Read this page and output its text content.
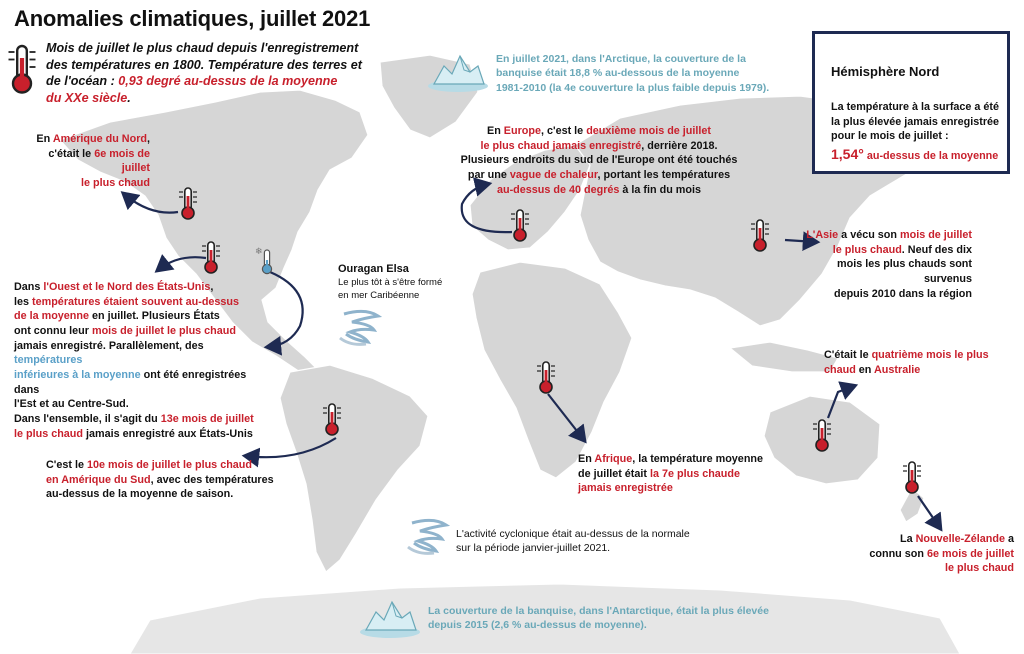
❄
Anomalies climatiques, juillet 2021
Mois de juillet le plus chaud depuis l'enregistrement
des températures en 1800. Température des terres et
de l'océan : 0,93 degré au-dessus de la moyenne
du XXe siècle.
En juillet 2021, dans l'Arctique, la couverture de la
banquise était 18,8 % au-dessous de la moyenne
1981-2010 (la 4e couverture la plus faible depuis 1979).
Hémisphère Nord
La température à la surface a été
la plus élevée jamais enregistrée
pour le mois de juillet :
1,54° au-dessus de la moyenne
En Amérique du Nord,
c'était le 6e mois de juillet
le plus chaud
Dans l'Ouest et le Nord des États-Unis,
les températures étaient souvent au-dessus
de la moyenne en juillet. Plusieurs États
ont connu leur mois de juillet le plus chaud
jamais enregistré. Parallèlement, des températures
inférieures à la moyenne ont été enregistrées dans
l'Est et au Centre-Sud.
Dans l'ensemble, il s'agit du 13e mois de juillet
le plus chaud jamais enregistré aux États-Unis
Ouragan Elsa
Le plus tôt à s'être formé
en mer Caribéenne
En Europe, c'est le deuxième mois de juillet
le plus chaud jamais enregistré, derrière 2018.
Plusieurs endroits du sud de l'Europe ont été touchés
par une vague de chaleur, portant les températures
au-dessus de 40 degrés à la fin du mois
L'Asie a vécu son mois de juillet
le plus chaud. Neuf des dix
mois les plus chauds sont survenus
depuis 2010 dans la région
C'était le quatrième mois le plus
chaud en Australie
En Afrique, la température moyenne
de juillet était la 7e plus chaude
jamais enregistrée
C'est le 10e mois de juillet le plus chaud
en Amérique du Sud, avec des températures
au-dessus de la moyenne de saison.
L'activité cyclonique était au-dessus de la normale
sur la période janvier-juillet 2021.
La Nouvelle-Zélande a
connu son 6e mois de juillet
le plus chaud
La couverture de la banquise, dans l'Antarctique, était la plus élevée
depuis 2015 (2,6 % au-dessus de moyenne).
